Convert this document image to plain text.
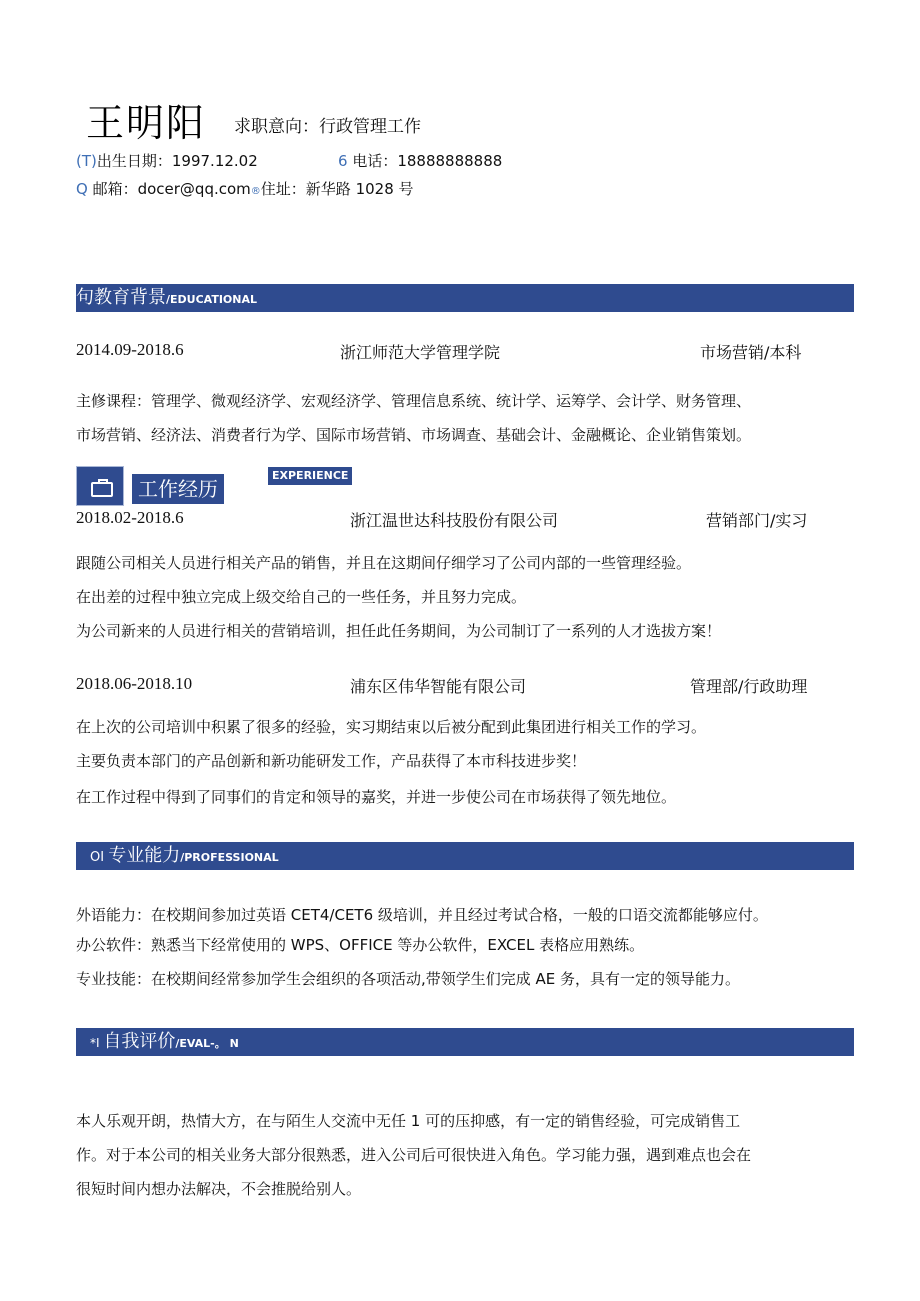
王明阳 求职意向：行政管理工作
(T)出生日期：1997.12.02	6 电话：18888888888
Q 邮箱：docer@qq.com®住址：新华路 1028 号
句教育背景/EDUCATIONAL
2014.09-2018.6	浙江师范大学管理学院	市场营销/本科
主修课程：管理学、微观经济学、宏观经济学、管理信息系统、统计学、运筹学、会计学、财务管理、
市场营销、经济法、消费者行为学、国际市场营销、市场调查、基础会计、金融概论、企业销售策划。
工作经历
EXPERIENCE
2018.02-2018.6	浙江温世达科技股份有限公司	营销部门/实习
跟随公司相关人员进行相关产品的销售，并且在这期间仔细学习了公司内部的一些管理经验。
在出差的过程中独立完成上级交给自己的一些任务，并且努力完成。
为公司新来的人员进行相关的营销培训，担任此任务期间，为公司制订了一系列的人才选拔方案！
2018.06-2018.10	浦东区伟华智能有限公司	管理部/行政助理
在上次的公司培训中积累了很多的经验，实习期结束以后被分配到此集团进行相关工作的学习。
主要负责本部门的产品创新和新功能研发工作，产品获得了本市科技进步奖！
在工作过程中得到了同事们的肯定和领导的嘉奖，并进一步使公司在市场获得了领先地位。
OI 专业能力/PROFESSIONAL
外语能力：在校期间参加过英语 CET4/CET6 级培训，并且经过考试合格，一般的口语交流都能够应付。
办公软件：熟悉当下经常使用的 WPS、OFFICE 等办公软件，EXCEL 表格应用熟练。
专业技能：在校期间经常参加学生会组织的各项活动,带领学生们完成 AE 务，具有一定的领导能力。
*I 自我评价/EVAL-。 N
本人乐观开朗，热情大方，在与陌生人交流中无任 1 可的压抑感，有一定的销售经验，可完成销售工
作。对于本公司的相关业务大部分很熟悉，进入公司后可很快进入角色。学习能力强，遇到难点也会在
很短时间内想办法解决，不会推脱给别人。
